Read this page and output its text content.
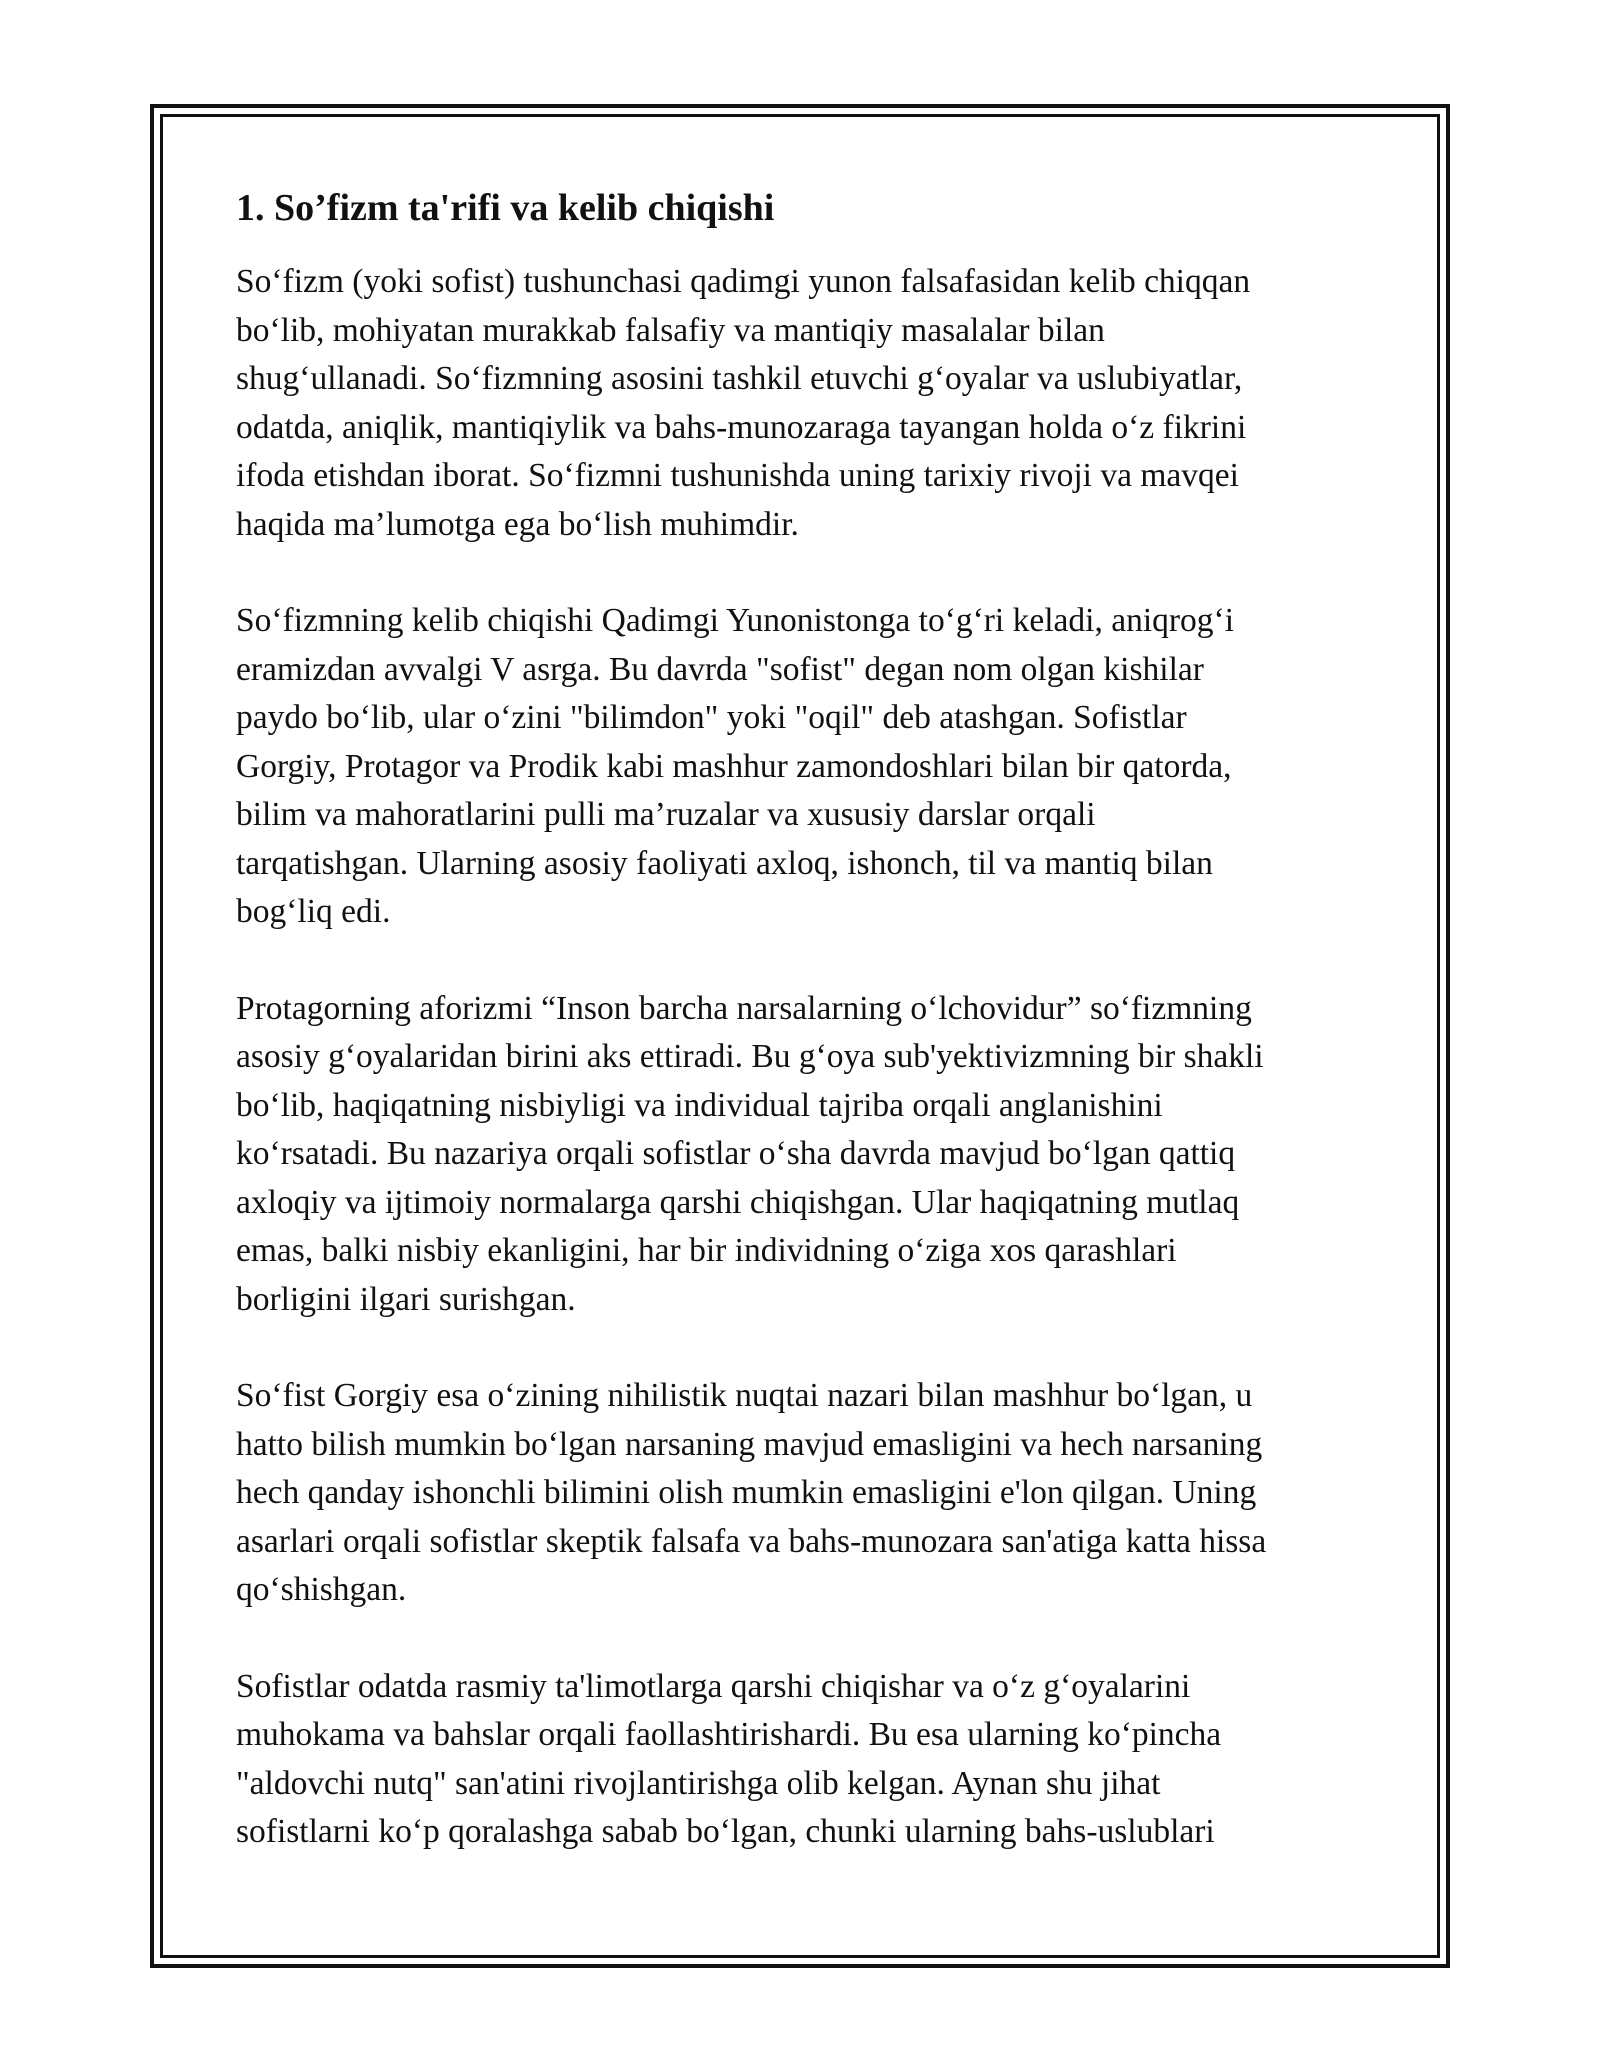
1. So’fizm ta'rifi va kelib chiqishi

So‘fizm (yoki sofist) tushunchasi qadimgi yunon falsafasidan kelib chiqqan
bo‘lib, mohiyatan murakkab falsafiy va mantiqiy masalalar bilan
shug‘ullanadi. So‘fizmning asosini tashkil etuvchi g‘oyalar va uslubiyatlar,
odatda, aniqlik, mantiqiylik va bahs-munozaraga tayangan holda o‘z fikrini
ifoda etishdan iborat. So‘fizmni tushunishda uning tarixiy rivoji va mavqei
haqida ma’lumotga ega bo‘lish muhimdir.

So‘fizmning kelib chiqishi Qadimgi Yunonistonga to‘g‘ri keladi, aniqrog‘i
eramizdan avvalgi V asrga. Bu davrda "sofist" degan nom olgan kishilar
paydo bo‘lib, ular o‘zini "bilimdon" yoki "oqil" deb atashgan. Sofistlar
Gorgiy, Protagor va Prodik kabi mashhur zamondoshlari bilan bir qatorda,
bilim va mahoratlarini pulli ma’ruzalar va xususiy darslar orqali
tarqatishgan. Ularning asosiy faoliyati axloq, ishonch, til va mantiq bilan
bog‘liq edi.

Protagorning aforizmi “Inson barcha narsalarning o‘lchovidur” so‘fizmning
asosiy g‘oyalaridan birini aks ettiradi. Bu g‘oya sub'yektivizmning bir shakli
bo‘lib, haqiqatning nisbiyligi va individual tajriba orqali anglanishini
ko‘rsatadi. Bu nazariya orqali sofistlar o‘sha davrda mavjud bo‘lgan qattiq
axloqiy va ijtimoiy normalarga qarshi chiqishgan. Ular haqiqatning mutlaq
emas, balki nisbiy ekanligini, har bir individning o‘ziga xos qarashlari
borligini ilgari surishgan.

So‘fist Gorgiy esa o‘zining nihilistik nuqtai nazari bilan mashhur bo‘lgan, u
hatto bilish mumkin bo‘lgan narsaning mavjud emasligini va hech narsaning
hech qanday ishonchli bilimini olish mumkin emasligini e'lon qilgan. Uning
asarlari orqali sofistlar skeptik falsafa va bahs-munozara san'atiga katta hissa
qo‘shishgan.

Sofistlar odatda rasmiy ta'limotlarga qarshi chiqishar va o‘z g‘oyalarini
muhokama va bahslar orqali faollashtirishardi. Bu esa ularning ko‘pincha
"aldovchi nutq" san'atini rivojlantirishga olib kelgan. Aynan shu jihat
sofistlarni ko‘p qoralashga sabab bo‘lgan, chunki ularning bahs-uslublari
